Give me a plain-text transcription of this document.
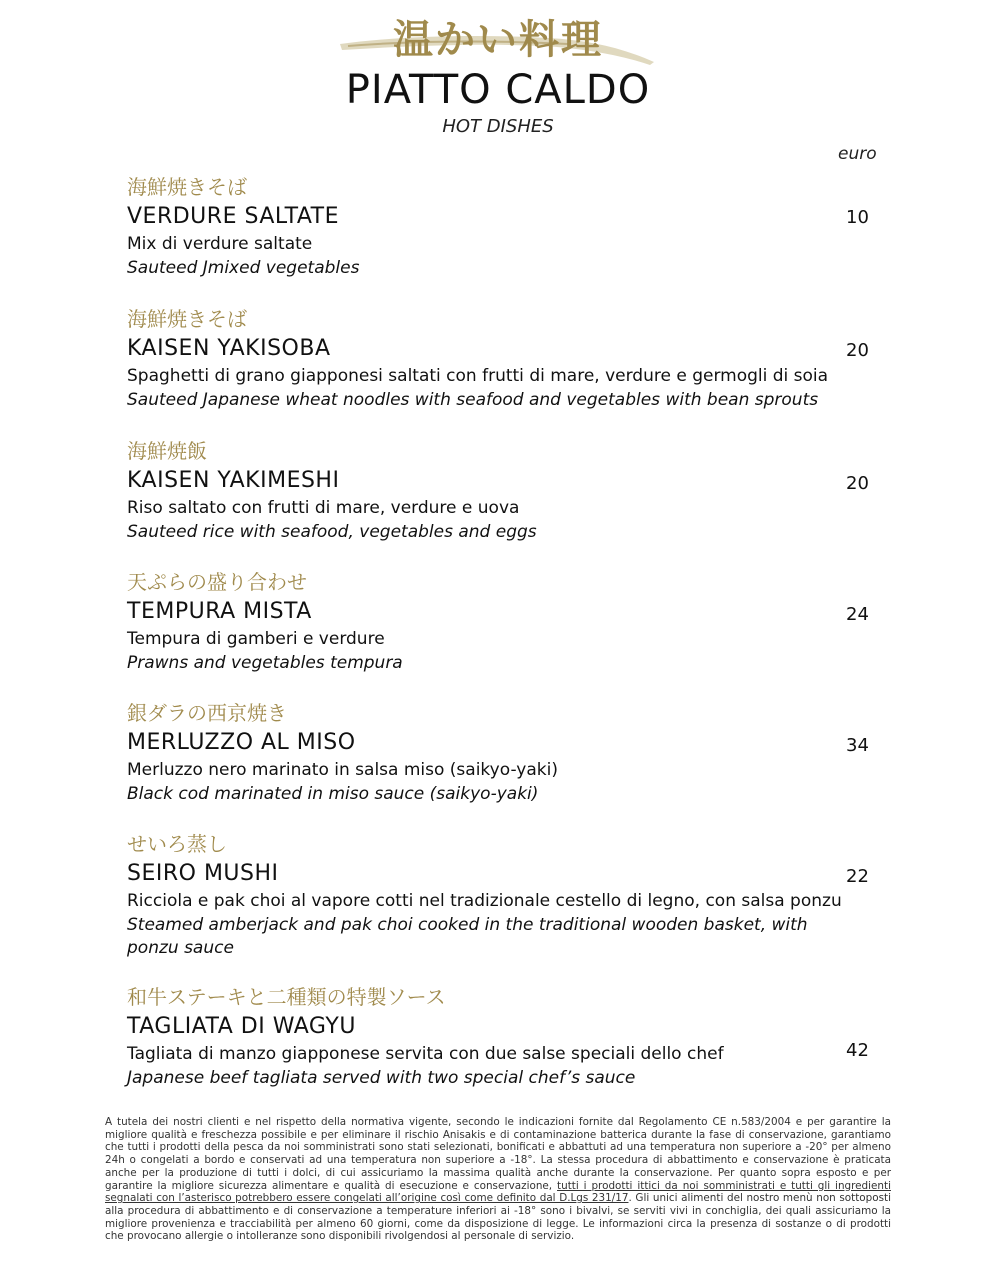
温かい料理
PIATTO CALDO
HOT DISHES
euro
海鮮焼きそば
VERDURE SALTATE
Mix di verdure saltate
Sauteed Jmixed vegetables
10
海鮮焼きそば
KAISEN YAKISOBA
Spaghetti di grano giapponesi saltati con frutti di mare, verdure e germogli di soia
Sauteed Japanese wheat noodles with seafood and vegetables with bean sprouts
20
海鮮焼飯
KAISEN YAKIMESHI
Riso saltato con frutti di mare, verdure e uova
Sauteed rice with seafood, vegetables and eggs
20
天ぷらの盛り合わせ
TEMPURA MISTA
Tempura di gamberi e verdure
Prawns and vegetables tempura
24
銀ダラの西京焼き
MERLUZZO AL MISO
Merluzzo nero marinato in salsa miso (saikyo-yaki)
Black cod marinated in miso sauce (saikyo-yaki)
34
せいろ蒸し
SEIRO MUSHI
Ricciola e pak choi al vapore cotti nel tradizionale cestello di legno, con salsa ponzu
Steamed amberjack and pak choi cooked in the traditional wooden basket, with ponzu sauce
22
和牛ステーキと二種類の特製ソース
TAGLIATA DI WAGYU
Tagliata di manzo giapponese servita con due salse speciali dello chef
Japanese beef tagliata served with two special chef’s sauce
42
A tutela dei nostri clienti e nel rispetto della normativa vigente, secondo le indicazioni fornite dal Regolamento CE n.583/2004 e per garantire la migliore qualità e freschezza possibile e per eliminare il rischio Anisakis e di contaminazione batterica durante la fase di conservazione, garantiamo che tutti i prodotti della pesca da noi somministrati sono stati selezionati, bonificati e abbattuti ad una temperatura non superiore a -20° per almeno 24h o congelati a bordo e conservati ad una temperatura non superiore a -18°. La stessa procedura di abbattimento e conservazione è praticata anche per la produzione di tutti i dolci, di cui assicuriamo la massima qualità anche durante la conservazione. Per quanto sopra esposto e per garantire la migliore sicurezza alimentare e qualità di esecuzione e conservazione, tutti i prodotti ittici da noi somministrati e tutti gli ingredienti segnalati con l’asterisco potrebbero essere congelati all’origine così come definito dal D.Lgs 231/17. Gli unici alimenti del nostro menù non sottoposti alla procedura di abbattimento e di conservazione a temperature inferiori ai -18° sono i bivalvi, se serviti vivi in conchiglia, dei quali assicuriamo la migliore provenienza e tracciabilità per almeno 60 giorni, come da disposizione di legge. Le informazioni circa la presenza di sostanze o di prodotti che provocano allergie o intolleranze sono disponibili rivolgendosi al personale di servizio.
